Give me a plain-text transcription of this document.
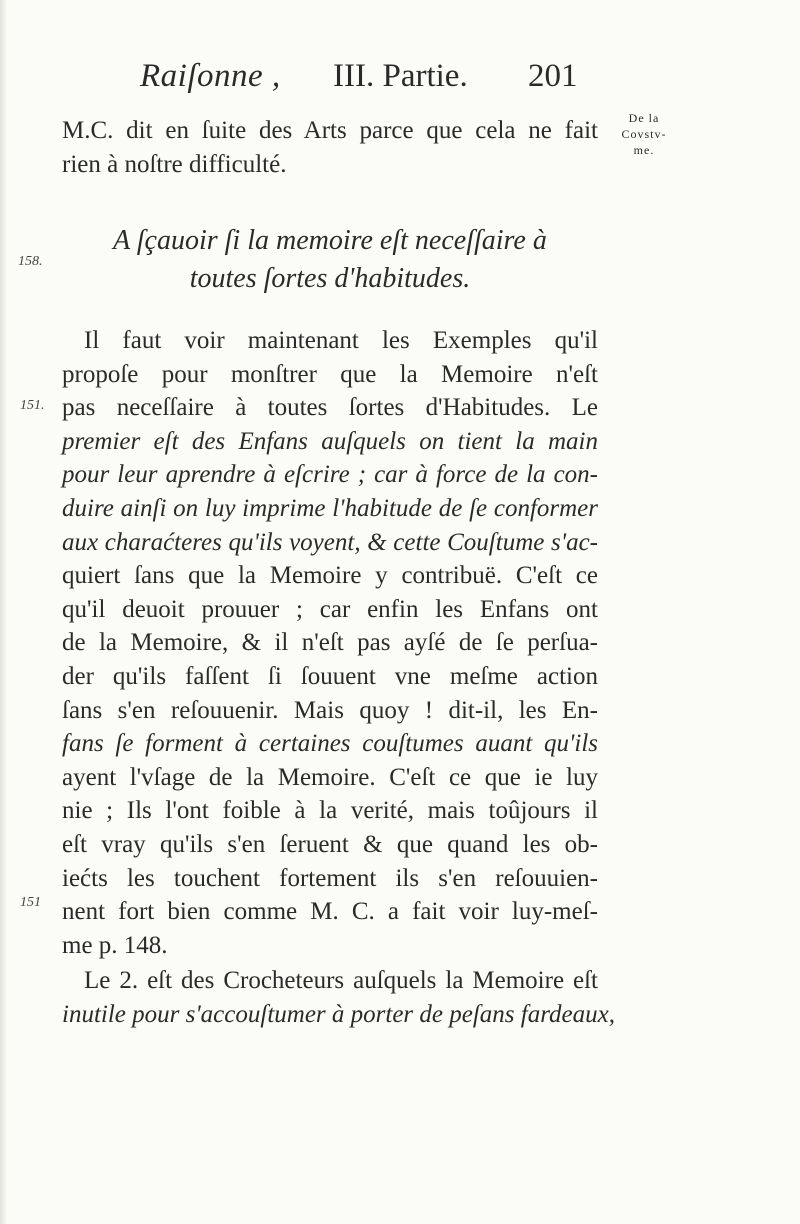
Raiſonne , III. Partie. 201
De la
Covstv-
me.
158.
151.
151
M.C. dit en ſuite des Arts parce que cela ne fait
rien à noſtre difficulté.
A ſçauoir ſi la memoire eſt neceſſaire à
toutes ſortes d'habitudes.
Il faut voir maintenant les Exemples qu'il
propoſe pour monſtrer que la Memoire n'eſt
pas neceſſaire à toutes ſortes d'Habitudes. Le
premier eſt des Enfans auſquels on tient la main
pour leur aprendre à eſcrire ; car à force de la con-
duire ainſi on luy imprime l'habitude de ſe conformer
aux charaćteres qu'ils voyent, & cette Couſtume s'ac-
quiert ſans que la Memoire y contribuë. C'eſt ce
qu'il deuoit prouuer ; car enfin les Enfans ont
de la Memoire, & il n'eſt pas ayſé de ſe perſua-
der qu'ils faſſent ſi ſouuent vne meſme action
ſans s'en reſouuenir. Mais quoy ! dit-il, les En-
fans ſe forment à certaines couſtumes auant qu'ils
ayent l'vſage de la Memoire. C'eſt ce que ie luy
nie ; Ils l'ont foible à la verité, mais toûjours il
eſt vray qu'ils s'en ſeruent & que quand les ob-
iećts les touchent fortement ils s'en reſouuien-
nent fort bien comme M. C. a fait voir luy-meſ-
me p. 148.
Le 2. eſt des Crocheteurs auſquels la Memoire eſt
inutile pour s'accouſtumer à porter de peſans fardeaux,
